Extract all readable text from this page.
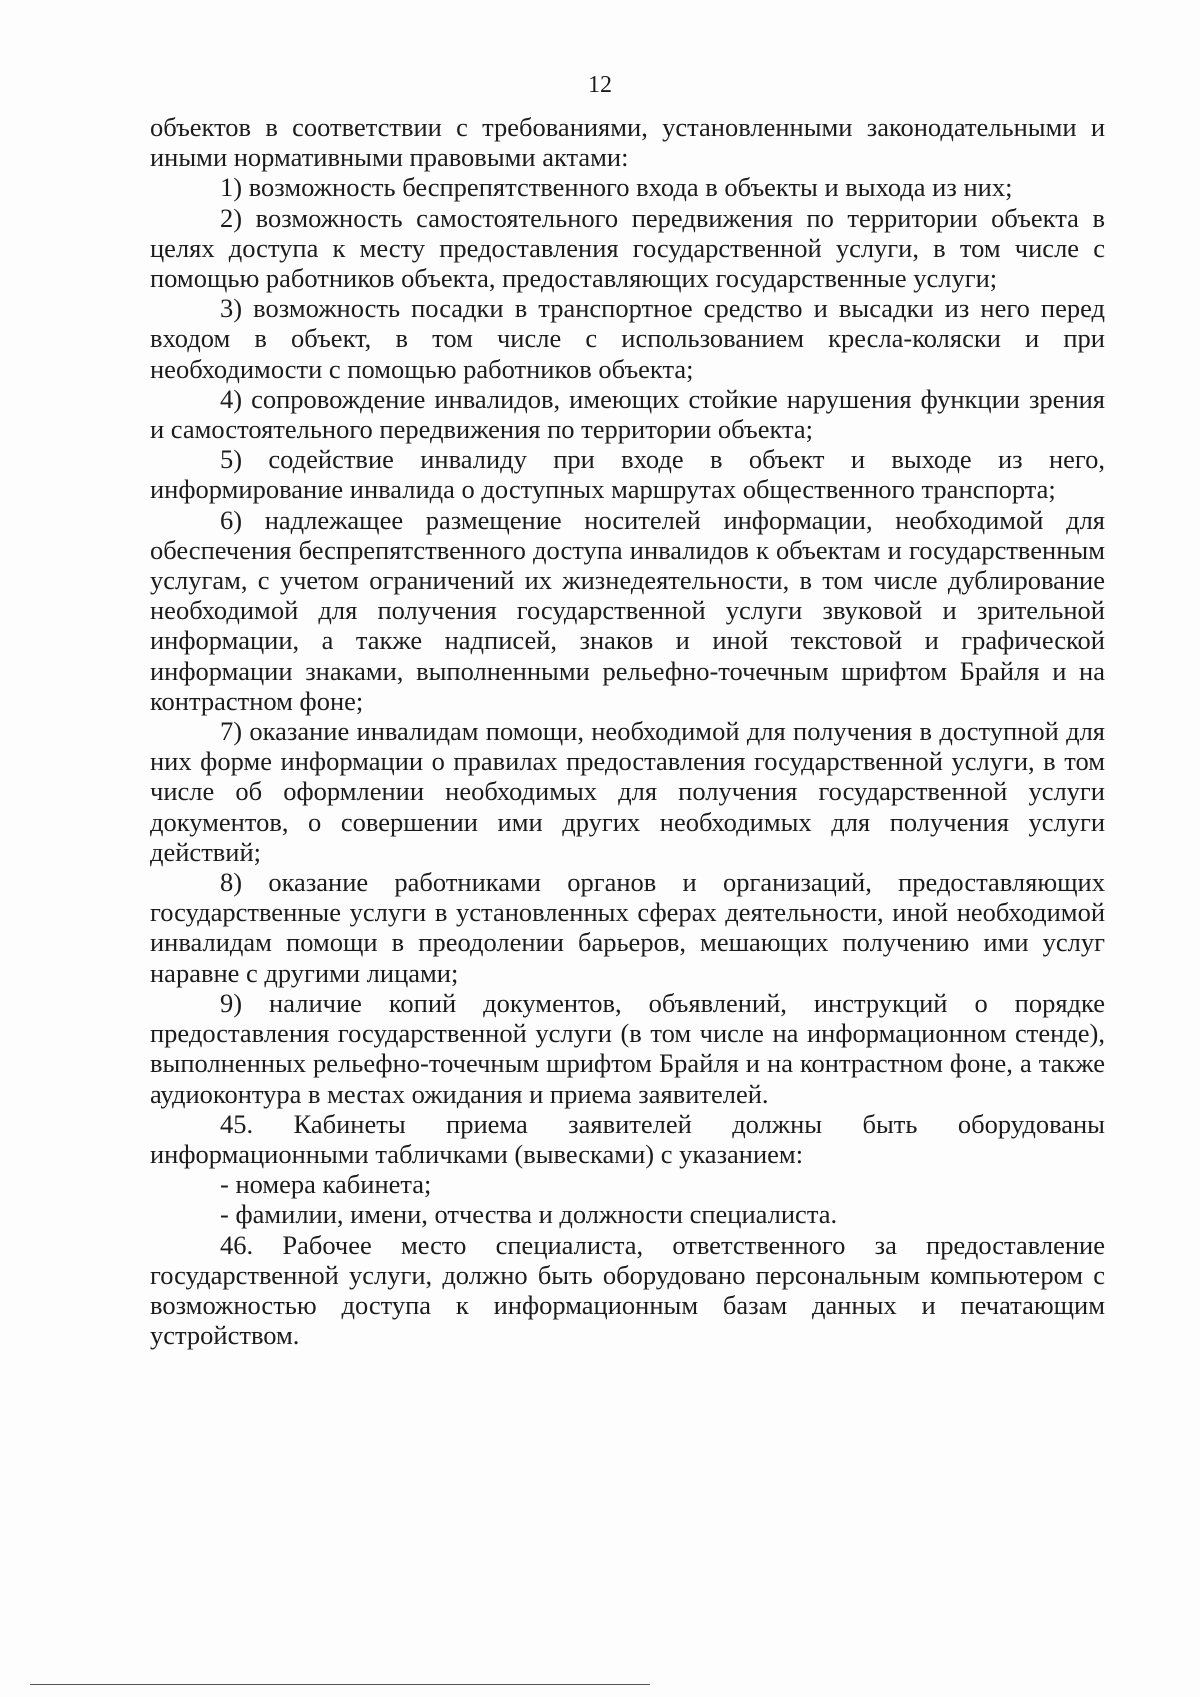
12

объектов в соответствии с требованиями, установленными законодательными и иными нормативными правовыми актами:

1) возможность беспрепятственного входа в объекты и выхода из них;

2) возможность самостоятельного передвижения по территории объекта в целях доступа к месту предоставления государственной услуги, в том числе с помощью работников объекта, предоставляющих государственные услуги;

3) возможность посадки в транспортное средство и высадки из него перед входом в объект, в том числе с использованием кресла-коляски и при необходимости с помощью работников объекта;

4) сопровождение инвалидов, имеющих стойкие нарушения функции зрения и самостоятельного передвижения по территории объекта;

5) содействие инвалиду при входе в объект и выходе из него, информирование инвалида о доступных маршрутах общественного транспорта;

6) надлежащее размещение носителей информации, необходимой для обеспечения беспрепятственного доступа инвалидов к объектам и государственным услугам, с учетом ограничений их жизнедеятельности, в том числе дублирование необходимой для получения государственной услуги звуковой и зрительной информации, а также надписей, знаков и иной текстовой и графической информации знаками, выполненными рельефно-точечным шрифтом Брайля и на контрастном фоне;

7) оказание инвалидам помощи, необходимой для получения в доступной для них форме информации о правилах предоставления государственной услуги, в том числе об оформлении необходимых для получения государственной услуги документов, о совершении ими других необходимых для получения услуги действий;

8) оказание работниками органов и организаций, предоставляющих государственные услуги в установленных сферах деятельности, иной необходимой инвалидам помощи в преодолении барьеров, мешающих получению ими услуг наравне с другими лицами;

9) наличие копий документов, объявлений, инструкций о порядке предоставления государственной услуги (в том числе на информационном стенде), выполненных рельефно-точечным шрифтом Брайля и на контрастном фоне, а также аудиоконтура в местах ожидания и приема заявителей.

45. Кабинеты приема заявителей должны быть оборудованы информационными табличками (вывесками) с указанием:

- номера кабинета;

- фамилии, имени, отчества и должности специалиста.

46. Рабочее место специалиста, ответственного за предоставление государственной услуги, должно быть оборудовано персональным компьютером с возможностью доступа к информационным базам данных и печатающим устройством.
